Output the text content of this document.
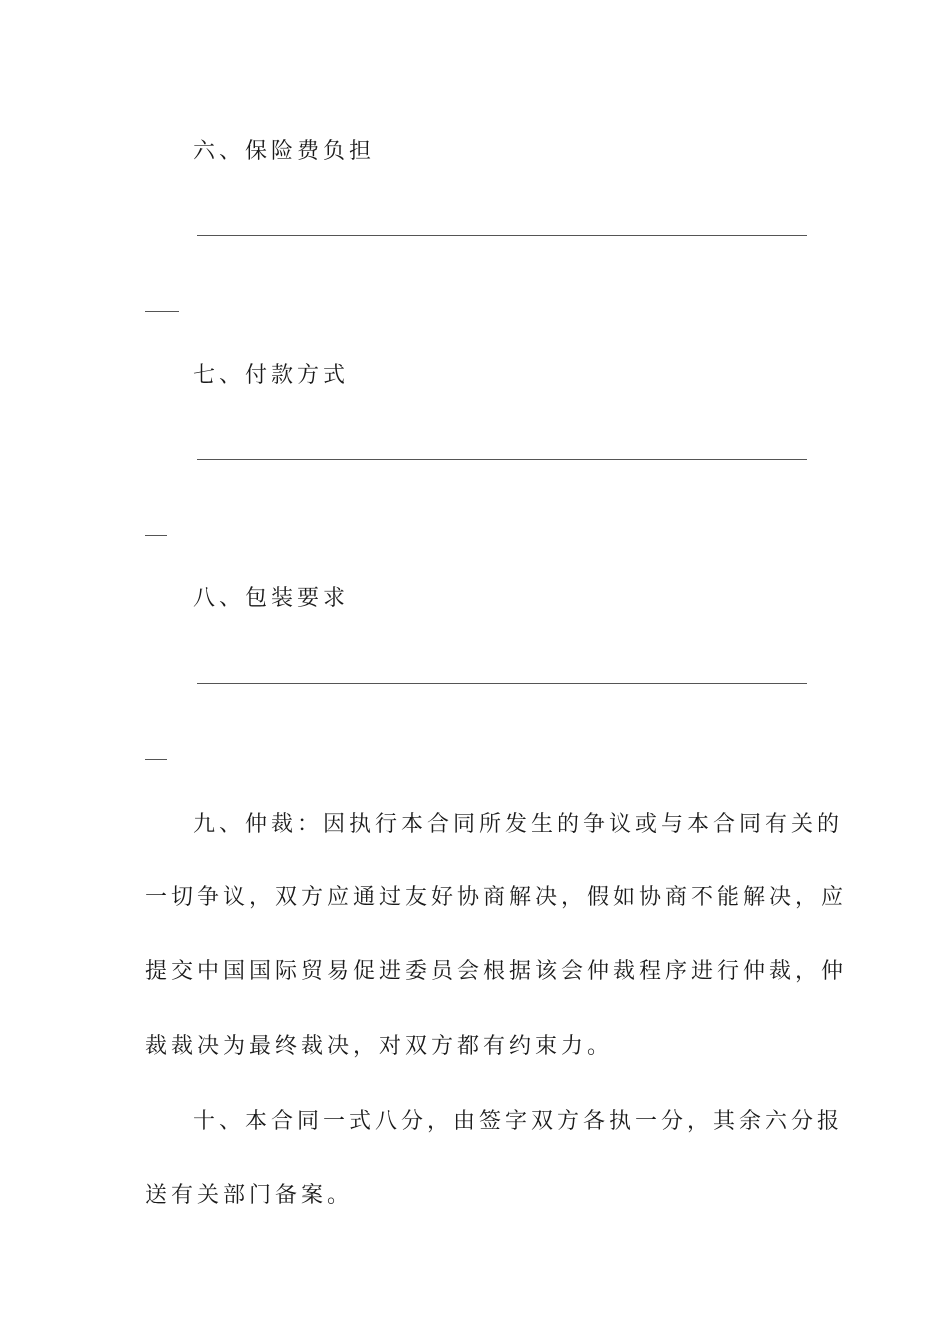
六、保险费负担
七、付款方式
八、包装要求
九、仲裁：因执行本合同所发生的争议或与本合同有关的
一切争议，双方应通过友好协商解决，假如协商不能解决，应
提交中国国际贸易促进委员会根据该会仲裁程序进行仲裁，仲
裁裁决为最终裁决，对双方都有约束力。
十、本合同一式八分，由签字双方各执一分，其余六分报
送有关部门备案。
